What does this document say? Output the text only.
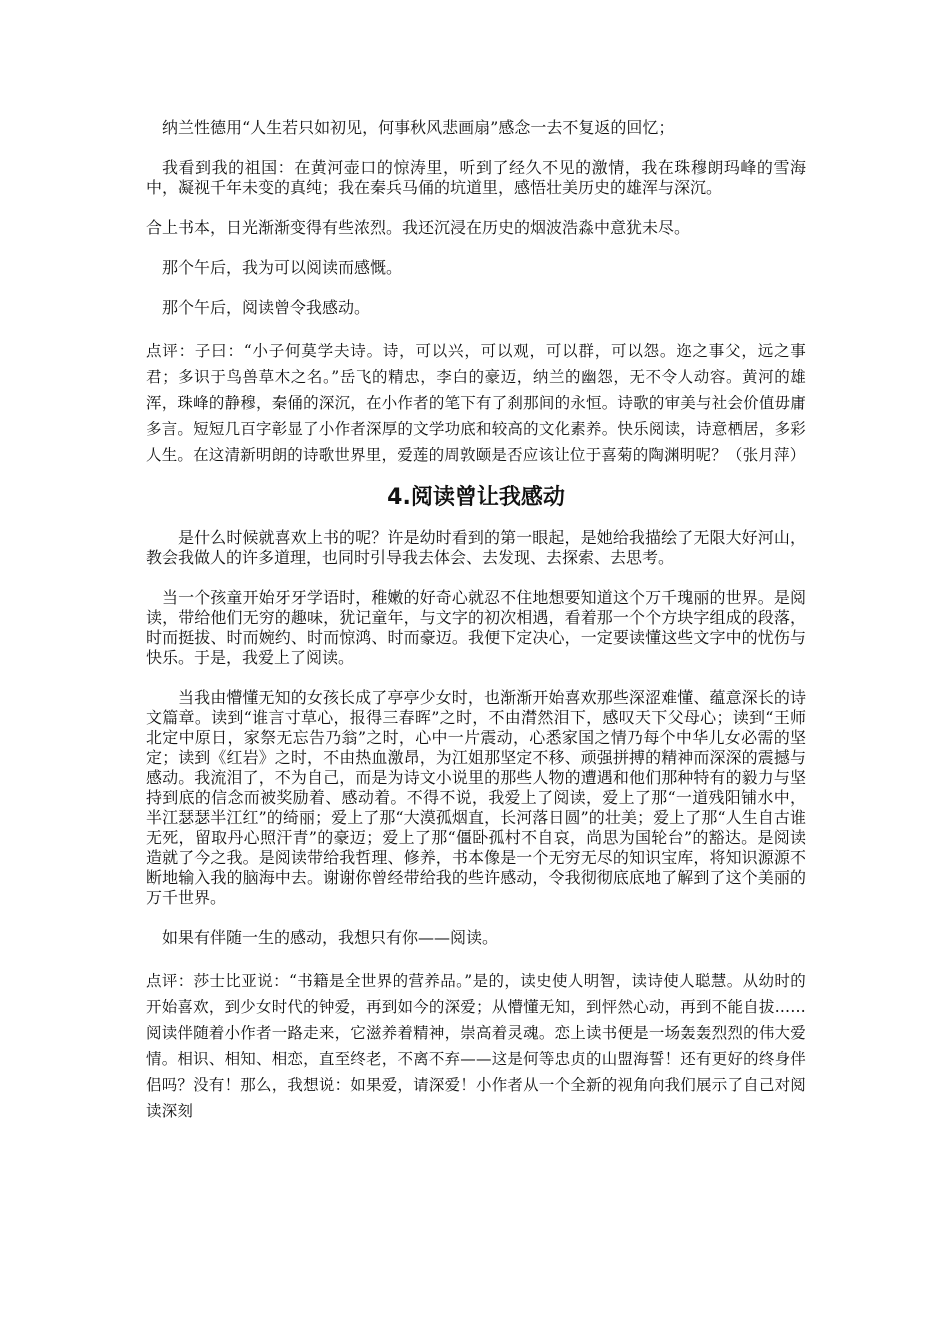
纳兰性德用“人生若只如初见，何事秋风悲画扇”感念一去不复返的回忆；

我看到我的祖国：在黄河壶口的惊涛里，听到了经久不见的激情，我在珠穆朗玛峰的雪海中，凝视千年未变的真纯；我在秦兵马俑的坑道里，感悟壮美历史的雄浑与深沉。

合上书本，日光渐渐变得有些浓烈。我还沉浸在历史的烟波浩淼中意犹未尽。

那个午后，我为可以阅读而感慨。

那个午后，阅读曾令我感动。

点评：子曰：“小子何莫学夫诗。诗，可以兴，可以观，可以群，可以怨。迩之事父，远之事君；多识于鸟兽草木之名。”岳飞的精忠，李白的豪迈，纳兰的幽怨，无不令人动容。黄河的雄浑，珠峰的静穆，秦俑的深沉，在小作者的笔下有了刹那间的永恒。诗歌的审美与社会价值毋庸多言。短短几百字彰显了小作者深厚的文学功底和较高的文化素养。快乐阅读，诗意栖居，多彩人生。在这清新明朗的诗歌世界里，爱莲的周敦颐是否应该让位于喜菊的陶渊明呢？（张月萍）

4.阅读曾让我感动

是什么时候就喜欢上书的呢？许是幼时看到的第一眼起，是她给我描绘了无限大好河山，教会我做人的许多道理，也同时引导我去体会、去发现、去探索、去思考。

当一个孩童开始牙牙学语时，稚嫩的好奇心就忍不住地想要知道这个万千瑰丽的世界。是阅读，带给他们无穷的趣味，犹记童年，与文字的初次相遇，看着那一个个方块字组成的段落，时而挺拔、时而婉约、时而惊鸿、时而豪迈。我便下定决心，一定要读懂这些文字中的忧伤与快乐。于是，我爱上了阅读。

当我由懵懂无知的女孩长成了亭亭少女时，也渐渐开始喜欢那些深涩难懂、蕴意深长的诗文篇章。读到“谁言寸草心，报得三春晖”之时，不由潸然泪下，感叹天下父母心；读到“王师北定中原日，家祭无忘告乃翁”之时，心中一片震动，心悉家国之情乃每个中华儿女必需的坚定；读到《红岩》之时，不由热血激昂，为江姐那坚定不移、顽强拼搏的精神而深深的震撼与感动。我流泪了，不为自己，而是为诗文小说里的那些人物的遭遇和他们那种特有的毅力与坚持到底的信念而被奖励着、感动着。不得不说，我爱上了阅读，爱上了那“一道残阳铺水中，半江瑟瑟半江红”的绮丽；爱上了那“大漠孤烟直，长河落日圆”的壮美；爱上了那“人生自古谁无死，留取丹心照汗青”的豪迈；爱上了那“僵卧孤村不自哀，尚思为国轮台”的豁达。是阅读造就了今之我。是阅读带给我哲理、修养，书本像是一个无穷无尽的知识宝库，将知识源源不断地输入我的脑海中去。谢谢你曾经带给我的些许感动，令我彻彻底底地了解到了这个美丽的万千世界。

如果有伴随一生的感动，我想只有你——阅读。

点评：莎士比亚说：“书籍是全世界的营养品。”是的，读史使人明智，读诗使人聪慧。从幼时的开始喜欢，到少女时代的钟爱，再到如今的深爱；从懵懂无知，到怦然心动，再到不能自拔……阅读伴随着小作者一路走来，它滋养着精神，崇高着灵魂。恋上读书便是一场轰轰烈烈的伟大爱情。相识、相知、相恋，直至终老，不离不弃——这是何等忠贞的山盟海誓！还有更好的终身伴侣吗？没有！那么，我想说：如果爱，请深爱！小作者从一个全新的视角向我们展示了自己对阅读深刻
